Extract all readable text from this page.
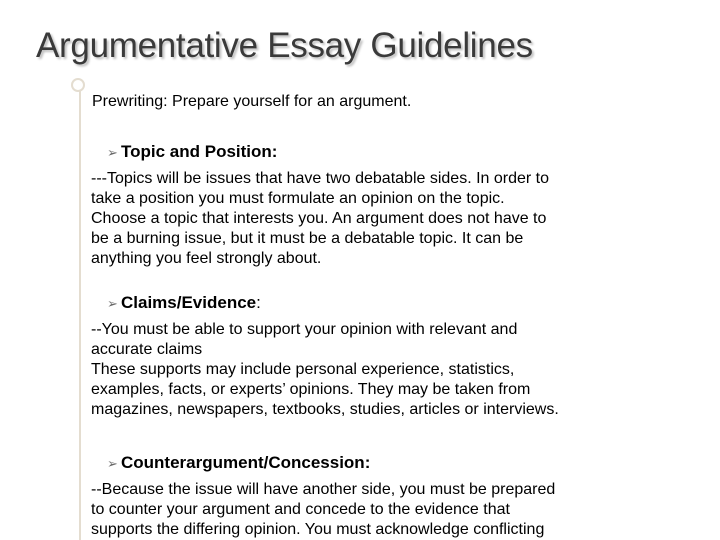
Argumentative Essay Guidelines
Prewriting: Prepare yourself for an argument.
➢ Topic and Position:
---Topics will be issues that have two debatable sides. In order to
take a position you must formulate an opinion on the topic.
Choose a topic that interests you. An argument does not have to
be a burning issue, but it must be a debatable topic. It can be
anything you feel strongly about.
➢ Claims/Evidence:
--You must be able to support your opinion with relevant and
accurate claims
These supports may include personal experience, statistics,
examples, facts, or experts’ opinions. They may be taken from
magazines, newspapers, textbooks, studies, articles or interviews.
➢ Counterargument/Concession:
--Because the issue will have another side, you must be prepared
to counter your argument and concede to the evidence that
supports the differing opinion. You must acknowledge conflicting
